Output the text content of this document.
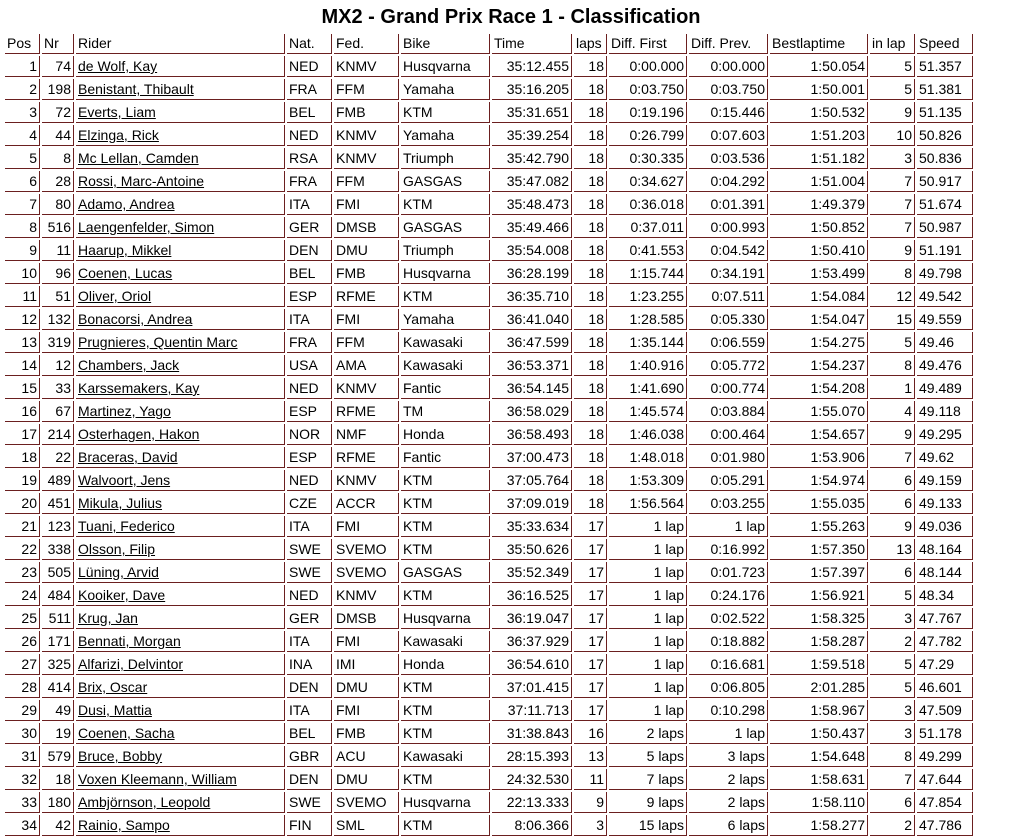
MX2 - Grand Prix Race 1 - Classification
Pos	Nr	Rider	Nat.	Fed.	Bike	Time	laps	Diff. First	Diff. Prev.	Bestlaptime	in lap	Speed
1	74	de Wolf, Kay	NED	KNMV	Husqvarna	35:12.455	18	0:00.000	0:00.000	1:50.054	5	51.357
2	198	Benistant, Thibault	FRA	FFM	Yamaha	35:16.205	18	0:03.750	0:03.750	1:50.001	5	51.381
3	72	Everts, Liam	BEL	FMB	KTM	35:31.651	18	0:19.196	0:15.446	1:50.532	9	51.135
4	44	Elzinga, Rick	NED	KNMV	Yamaha	35:39.254	18	0:26.799	0:07.603	1:51.203	10	50.826
5	8	Mc Lellan, Camden	RSA	KNMV	Triumph	35:42.790	18	0:30.335	0:03.536	1:51.182	3	50.836
6	28	Rossi, Marc-Antoine	FRA	FFM	GASGAS	35:47.082	18	0:34.627	0:04.292	1:51.004	7	50.917
7	80	Adamo, Andrea	ITA	FMI	KTM	35:48.473	18	0:36.018	0:01.391	1:49.379	7	51.674
8	516	Laengenfelder, Simon	GER	DMSB	GASGAS	35:49.466	18	0:37.011	0:00.993	1:50.852	7	50.987
9	11	Haarup, Mikkel	DEN	DMU	Triumph	35:54.008	18	0:41.553	0:04.542	1:50.410	9	51.191
10	96	Coenen, Lucas	BEL	FMB	Husqvarna	36:28.199	18	1:15.744	0:34.191	1:53.499	8	49.798
11	51	Oliver, Oriol	ESP	RFME	KTM	36:35.710	18	1:23.255	0:07.511	1:54.084	12	49.542
12	132	Bonacorsi, Andrea	ITA	FMI	Yamaha	36:41.040	18	1:28.585	0:05.330	1:54.047	15	49.559
13	319	Prugnieres, Quentin Marc	FRA	FFM	Kawasaki	36:47.599	18	1:35.144	0:06.559	1:54.275	5	49.46
14	12	Chambers, Jack	USA	AMA	Kawasaki	36:53.371	18	1:40.916	0:05.772	1:54.237	8	49.476
15	33	Karssemakers, Kay	NED	KNMV	Fantic	36:54.145	18	1:41.690	0:00.774	1:54.208	1	49.489
16	67	Martinez, Yago	ESP	RFME	TM	36:58.029	18	1:45.574	0:03.884	1:55.070	4	49.118
17	214	Osterhagen, Hakon	NOR	NMF	Honda	36:58.493	18	1:46.038	0:00.464	1:54.657	9	49.295
18	22	Braceras, David	ESP	RFME	Fantic	37:00.473	18	1:48.018	0:01.980	1:53.906	7	49.62
19	489	Walvoort, Jens	NED	KNMV	KTM	37:05.764	18	1:53.309	0:05.291	1:54.974	6	49.159
20	451	Mikula, Julius	CZE	ACCR	KTM	37:09.019	18	1:56.564	0:03.255	1:55.035	6	49.133
21	123	Tuani, Federico	ITA	FMI	KTM	35:33.634	17	1 lap	1 lap	1:55.263	9	49.036
22	338	Olsson, Filip	SWE	SVEMO	KTM	35:50.626	17	1 lap	0:16.992	1:57.350	13	48.164
23	505	Lüning, Arvid	SWE	SVEMO	GASGAS	35:52.349	17	1 lap	0:01.723	1:57.397	6	48.144
24	484	Kooiker, Dave	NED	KNMV	KTM	36:16.525	17	1 lap	0:24.176	1:56.921	5	48.34
25	511	Krug, Jan	GER	DMSB	Husqvarna	36:19.047	17	1 lap	0:02.522	1:58.325	3	47.767
26	171	Bennati, Morgan	ITA	FMI	Kawasaki	36:37.929	17	1 lap	0:18.882	1:58.287	2	47.782
27	325	Alfarizi, Delvintor	INA	IMI	Honda	36:54.610	17	1 lap	0:16.681	1:59.518	5	47.29
28	414	Brix, Oscar	DEN	DMU	KTM	37:01.415	17	1 lap	0:06.805	2:01.285	5	46.601
29	49	Dusi, Mattia	ITA	FMI	KTM	37:11.713	17	1 lap	0:10.298	1:58.967	3	47.509
30	19	Coenen, Sacha	BEL	FMB	KTM	31:38.843	16	2 laps	1 lap	1:50.437	3	51.178
31	579	Bruce, Bobby	GBR	ACU	Kawasaki	28:15.393	13	5 laps	3 laps	1:54.648	8	49.299
32	18	Voxen Kleemann, William	DEN	DMU	KTM	24:32.530	11	7 laps	2 laps	1:58.631	7	47.644
33	180	Ambjörnson, Leopold	SWE	SVEMO	Husqvarna	22:13.333	9	9 laps	2 laps	1:58.110	6	47.854
34	42	Rainio, Sampo	FIN	SML	KTM	8:06.366	3	15 laps	6 laps	1:58.277	2	47.786
